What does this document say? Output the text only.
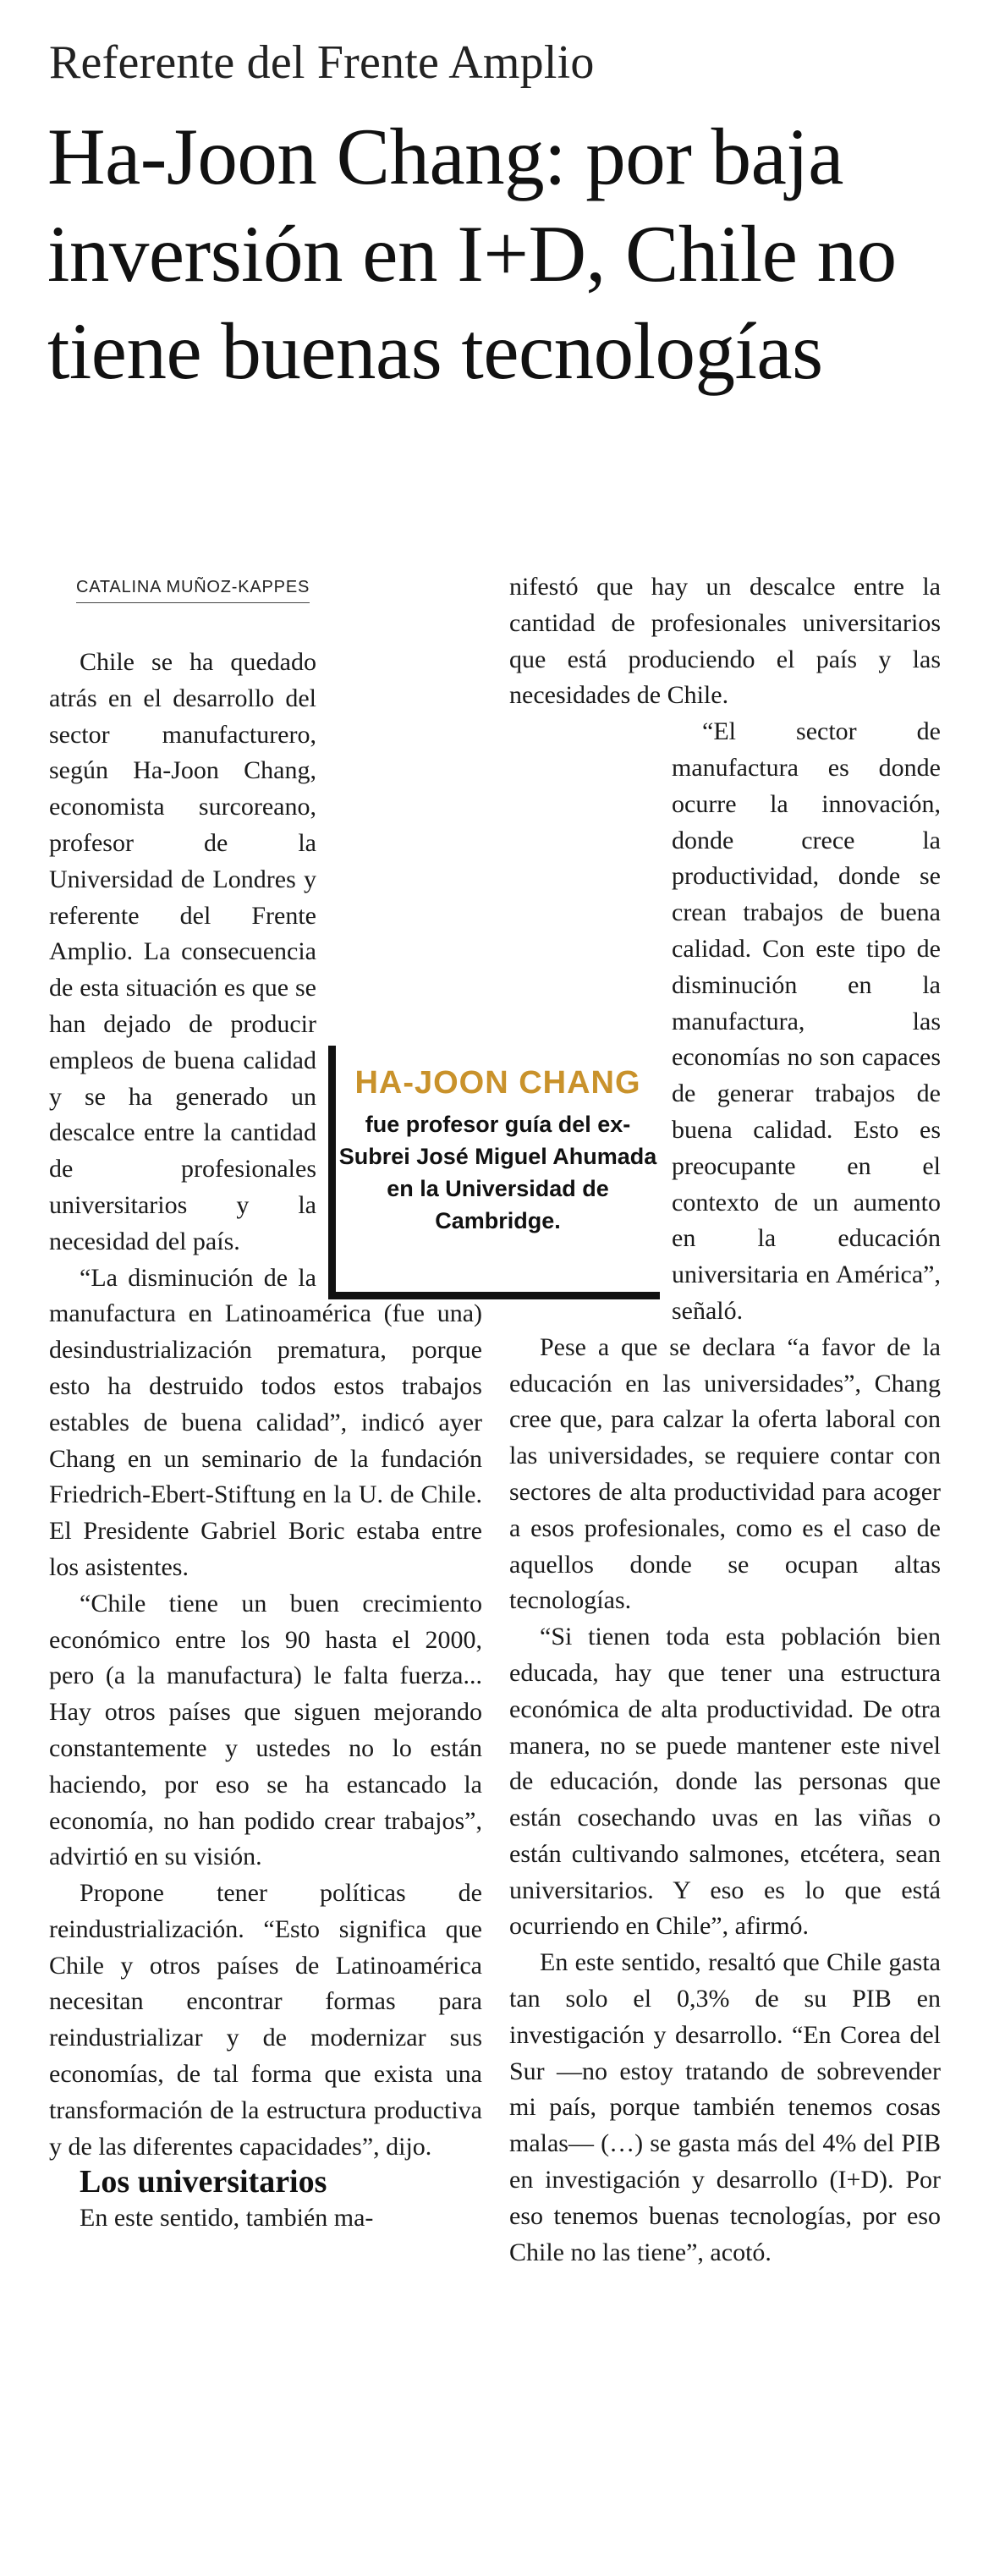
Referente del Frente Amplio
Ha-Joon Chang: por baja inversión en I+D, Chile no tiene buenas tecnologías
CATALINA MUÑOZ-KAPPES

Chile se ha quedado atrás en el desarrollo del sector manufacturero, según Ha-Joon Chang, economista surcoreano, profesor de la Universidad de Londres y referente del Frente Amplio. La consecuencia de esta situación es que se han dejado de producir empleos de buena calidad y se ha generado un descalce entre la cantidad de profesionales universitarios y la necesidad del país.

“La disminución de la manufactura en Latinoamérica (fue una) desindustrialización prematura, porque esto ha destruido todos estos trabajos estables de buena calidad”, indicó ayer Chang en un seminario de la fundación Friedrich-Ebert-Stiftung en la U. de Chile. El Presidente Gabriel Boric estaba entre los asistentes.

“Chile tiene un buen crecimiento económico entre los 90 hasta el 2000, pero (a la manufactura) le falta fuerza... Hay otros países que siguen mejorando constantemente y ustedes no lo están haciendo, por eso se ha estancado la economía, no han podido crear trabajos”, advirtió en su visión.

Propone tener políticas de reindustrialización. “Esto significa que Chile y otros países de Latinoamérica necesitan encontrar formas para reindustrializar y de modernizar sus economías, de tal forma que exista una transformación de la estructura productiva y de las diferentes capacidades”, dijo.

Los universitarios

En este sentido, también ma-

nifestó que hay un descalce entre la cantidad de profesionales universitarios que está produciendo el país y las necesidades de Chile.

“El sector de manufactura es donde ocurre la innovación, donde crece la productividad, donde se crean trabajos de buena calidad. Con este tipo de disminución en la manufactura, las economías no son capaces de generar trabajos de buena calidad. Esto es preocupante en el contexto de un aumento en la educación universitaria en América”, señaló.

Pese a que se declara “a favor de la educación en las universidades”, Chang cree que, para calzar la oferta laboral con las universidades, se requiere contar con sectores de alta productividad para acoger a esos profesionales, como es el caso de aquellos donde se ocupan altas tecnologías.

“Si tienen toda esta población bien educada, hay que tener una estructura económica de alta productividad. De otra manera, no se puede mantener este nivel de educación, donde las personas que están cosechando uvas en las viñas o están cultivando salmones, etcétera, sean universitarios. Y eso es lo que está ocurriendo en Chile”, afirmó.

En este sentido, resaltó que Chile gasta tan solo el 0,3% de su PIB en investigación y desarrollo. “En Corea del Sur —no estoy tratando de sobrevender mi país, porque también tenemos cosas malas— (…) se gasta más del 4% del PIB en investigación y desarrollo (I+D). Por eso tenemos buenas tecnologías, por eso Chile no las tiene”, acotó.

HA-JOON CHANG
fue profesor guía del ex-Subrei José Miguel Ahumada en la Universidad de Cambridge.
